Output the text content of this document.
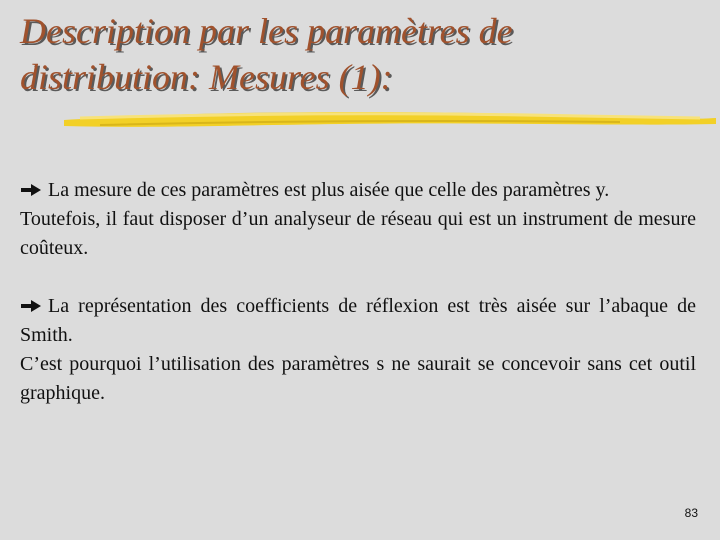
Description par les paramètres de
distribution: Mesures (1):

La mesure de ces paramètres est plus aisée que celle des paramètres y.
Toutefois, il faut disposer d’un analyseur de réseau qui est un instrument de mesure coûteux.

La représentation des coefficients de réflexion est très aisée sur l’abaque de Smith.
C’est pourquoi l’utilisation des paramètres s ne saurait se concevoir sans cet outil graphique.

83
